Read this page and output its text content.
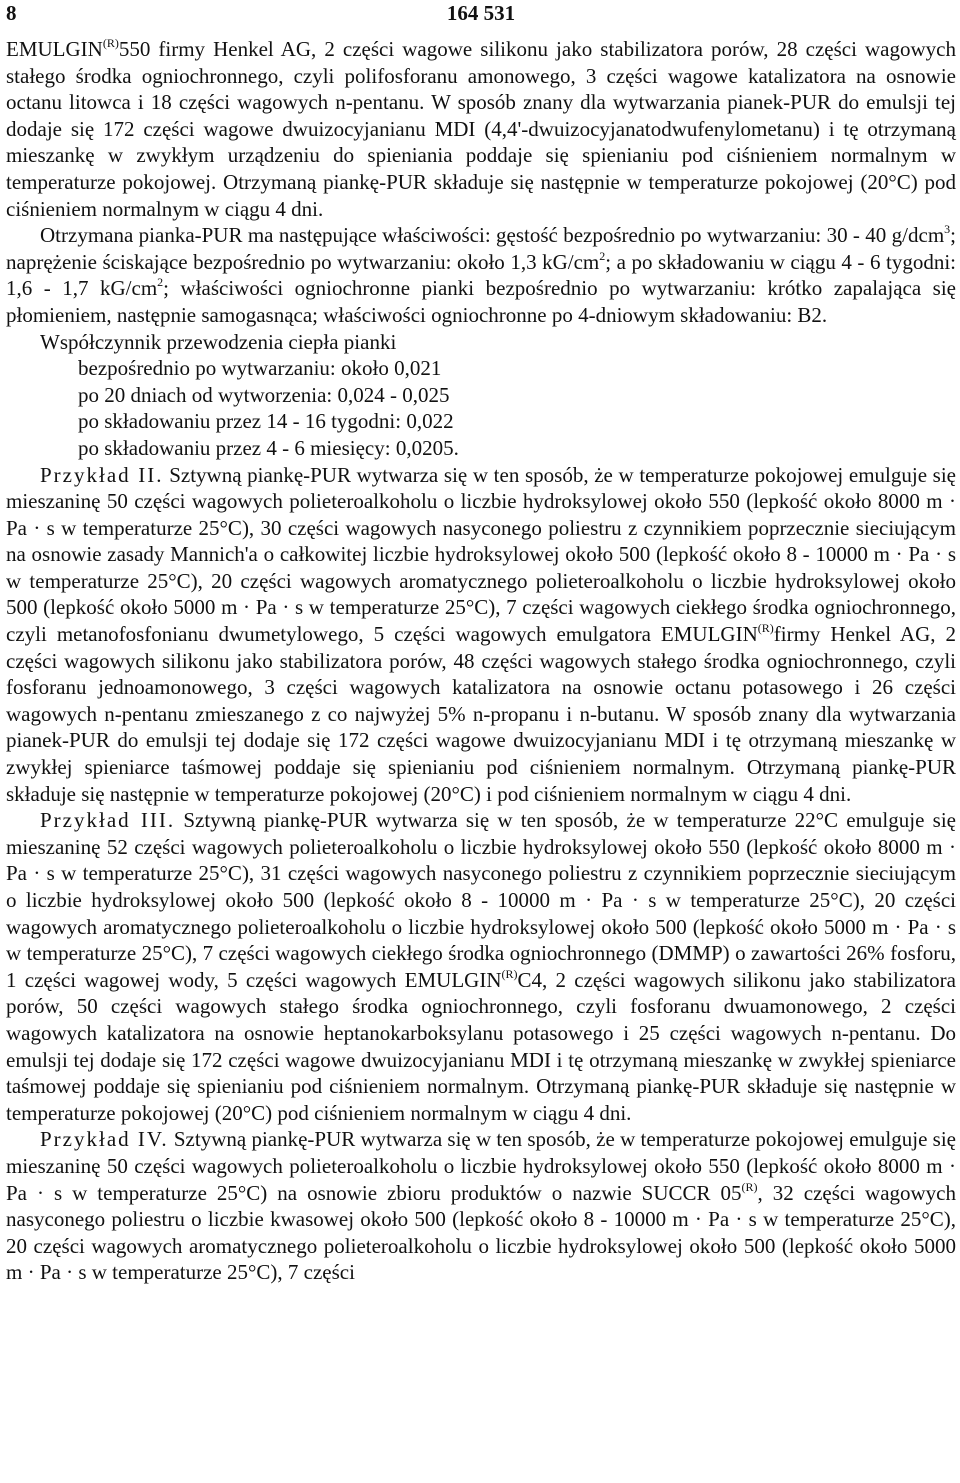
8	164 531

$EMULGIN^{(R)}550$ firmy Henkel AG, 2 części wagowe silikonu jako stabilizatora porów, 28 części wagowych stałego środka ogniochronnego, czyli polifosforanu amonowego, 3 części wagowe katalizatora na osnowie octanu litowca i 18 części wagowych n-pentanu. W sposób znany dla wytwarzania pianek-PUR do emulsji tej dodaje się 172 części wagowe dwuizocyjanianu MDI (4,4'-dwuizocyjanatodwufenylometanu) i tę otrzymaną mieszankę w zwykłym urządzeniu do spieniania poddaje się spienianiu pod ciśnieniem normalnym w temperaturze pokojowej. Otrzymaną piankę-PUR składuje się następnie w temperaturze pokojowej (20°C) pod ciśnieniem normalnym w ciągu 4 dni.

Otrzymana pianka-PUR ma następujące właściwości: gęstość bezpośrednio po wytwarzaniu: 30 - 40 g/dcm$^3$; naprężenie ściskające bezpośrednio po wytwarzaniu: około 1,3 $kG/cm^2$; a po składowaniu w ciągu 4 - 6 tygodni: 1,6 - 1,7 $kG/cm^2$; właściwości ogniochronne pianki bezpośrednio po wytwarzaniu: krótko zapalająca się płomieniem, następnie samogasnąca; właściwości ogniochronne po 4-dniowym składowaniu: B2.

Współczynnik przewodzenia ciepła pianki
bezpośrednio po wytwarzaniu: około 0,021
po 20 dniach od wytworzenia: 0,024 - 0,025
po składowaniu przez 14 - 16 tygodni: 0,022
po składowaniu przez 4 - 6 miesięcy: 0,0205.

Przykład II. Sztywną piankę-PUR wytwarza się w ten sposób, że w temperaturze pokojowej emulguje się mieszaninę 50 części wagowych polieteroalkoholu o liczbie hydroksylowej około 550 (lepkość około 8000 m · Pa · s w temperaturze 25°C), 30 części wagowych nasyconego poliestru z czynnikiem poprzecznie sieciującym na osnowie zasady Mannich'a o całkowitej liczbie hydroksylowej około 500 (lepkość około 8 - 10000 m · Pa · s w temperaturze 25°C), 20 części wagowych aromatycznego polieteroalkoholu o liczbie hydroksylowej około 500 (lepkość około 5000 m · Pa · s w temperaturze 25°C), 7 części wagowych ciekłego środka ogniochronnego, czyli metanofosfonianu dwumetylowego, 5 części wagowych emulgatora $EMULGIN^{(R)}firmy$ Henkel AG, 2 części wagowych silikonu jako stabilizatora porów, 48 części wagowych stałego środka ogniochronnego, czyli fosforanu jednoamonowego, 3 części wagowych katalizatora na osnowie octanu potasowego i 26 części wagowych n-pentanu zmieszanego z co najwyżej 5% n-propanu i n-butanu. W sposób znany dla wytwarzania pianek-PUR do emulsji tej dodaje się 172 części wagowe dwuizocyjanianu MDI i tę otrzymaną mieszankę w zwykłej spieniarce taśmowej poddaje się spienianiu pod ciśnieniem normalnym. Otrzymaną piankę-PUR składuje się następnie w temperaturze pokojowej (20°C) i pod ciśnieniem normalnym w ciągu 4 dni.

Przykład III. Sztywną piankę-PUR wytwarza się w ten sposób, że w temperaturze 22°C emulguje się mieszaninę 52 części wagowych polieteroalkoholu o liczbie hydroksylowej około 550 (lepkość około 8000 m · Pa · s w temperaturze 25°C), 31 części wagowych nasyconego poliestru z czynnikiem poprzecznie sieciującym o liczbie hydroksylowej około 500 (lepkość około 8 - 10000 m · Pa · s w temperaturze 25°C), 20 części wagowych aromatycznego polieteroalkoholu o liczbie hydroksylowej około 500 (lepkość około 5000 m · Pa · s w temperaturze 25°C), 7 części wagowych ciekłego środka ogniochronnego (DMMP) o zawartości 26% fosforu, 1 części wagowej wody, 5 części wagowych $EMULGIN^{(R)}C4$, 2 części wagowych silikonu jako stabilizatora porów, 50 części wagowych stałego środka ogniochronnego, czyli fosforanu dwuamonowego, 2 części wagowych katalizatora na osnowie heptanokarboksylanu potasowego i 25 części wagowych n-pentanu. Do emulsji tej dodaje się 172 części wagowe dwuizocyjanianu MDI i tę otrzymaną mieszankę w zwykłej spieniarce taśmowej poddaje się spienianiu pod ciśnieniem normalnym. Otrzymaną piankę-PUR składuje się następnie w temperaturze pokojowej (20°C) pod ciśnieniem normalnym w ciągu 4 dni.

Przykład IV. Sztywną piankę-PUR wytwarza się w ten sposób, że w temperaturze pokojowej emulguje się mieszaninę 50 części wagowych polieteroalkoholu o liczbie hydroksylowej około 550 (lepkość około 8000 m · Pa · s w temperaturze 25°C) na osnowie zbioru produktów o nazwie SUCCR $05^{(R)}$, 32 części wagowych nasyconego poliestru o liczbie kwasowej około 500 (lepkość około 8 - 10000 m · Pa · s w temperaturze 25°C), 20 części wagowych aromatycznego polieteroalkoholu o liczbie hydroksylowej około 500 (lepkość około 5000 m · Pa · s w temperaturze 25°C), 7 części
